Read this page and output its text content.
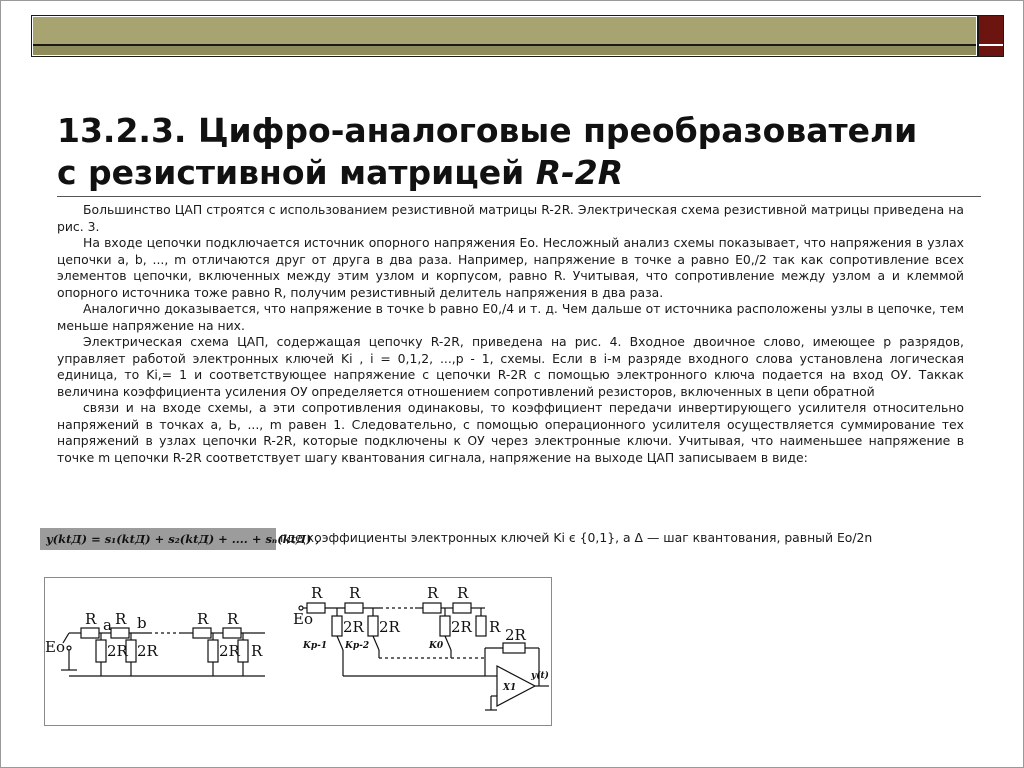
13.2.3. Цифро-аналоговые преобразователи
с резистивной матрицей R-2R

Большинство ЦАП строятся с использованием резистивной матрицы R-2R. Электрическая схема резистивной матрицы приведена на рис. 3.

На входе цепочки подключается источник опорного напряжения Eo. Несложный анализ схемы показывает, что напряжения в узлах цепочки a, b, ..., m отличаются друг от друга в два раза. Например, напряжение в точке a равно E0,/2 так как сопротивление всех элементов цепочки, включенных между этим узлом и корпусом, равно R. Учитывая, что сопротивление между узлом a и клеммой опорного источника тоже равно R, получим резистивный делитель напряжения в два раза.

Аналогично доказывается, что напряжение в точке b равно E0,/4 и т. д. Чем дальше от источника расположены узлы в цепочке, тем меньше напряжение на них.

Электрическая схема ЦАП, содержащая цепочку R-2R, приведена на рис. 4. Входное двоичное слово, имеющее p разрядов, управляет работой электронных ключей Ki , i = 0,1,2, ...,p - 1, схемы. Если в i-м разряде входного слова установлена логическая единица, то Ki,= 1 и соответствующее напряжение с цепочки R-2R с помощью электронного ключа подается на вход ОУ. Таккак величина коэффициента усиления ОУ определяется отношением сопротивлений резисторов, включенных в цепи обратной

связи и на входе схемы, а эти сопротивления одинаковы, то коэффициент передачи инвертирующего усилителя относительно напряжений в точках a, Ь, ..., m равен 1. Следовательно, с помощью операционного усилителя осуществляется суммирование тех напряжений в узлах цепочки R-2R, которые подключены к ОУ через электронные ключи. Учитывая, что наименьшее напряжение в точке m цепочки R-2R соответствует шагу квантования сигнала, напряжение на выходе ЦАП записываем в виде:

y(ktД) = s₁(ktД) + s₂(ktД) + .... + sₙ(ktД) ,
где коэффициенты электронных ключей Ki є {0,1}, а Δ — шаг квантования, равный Eo/2n
R a R b	R R
2R 2R	2R R
Eo
R R	R R
Eo 2R 2R	2R R
Kp-1 Kp-2	K0
2R
X1
y(t)
